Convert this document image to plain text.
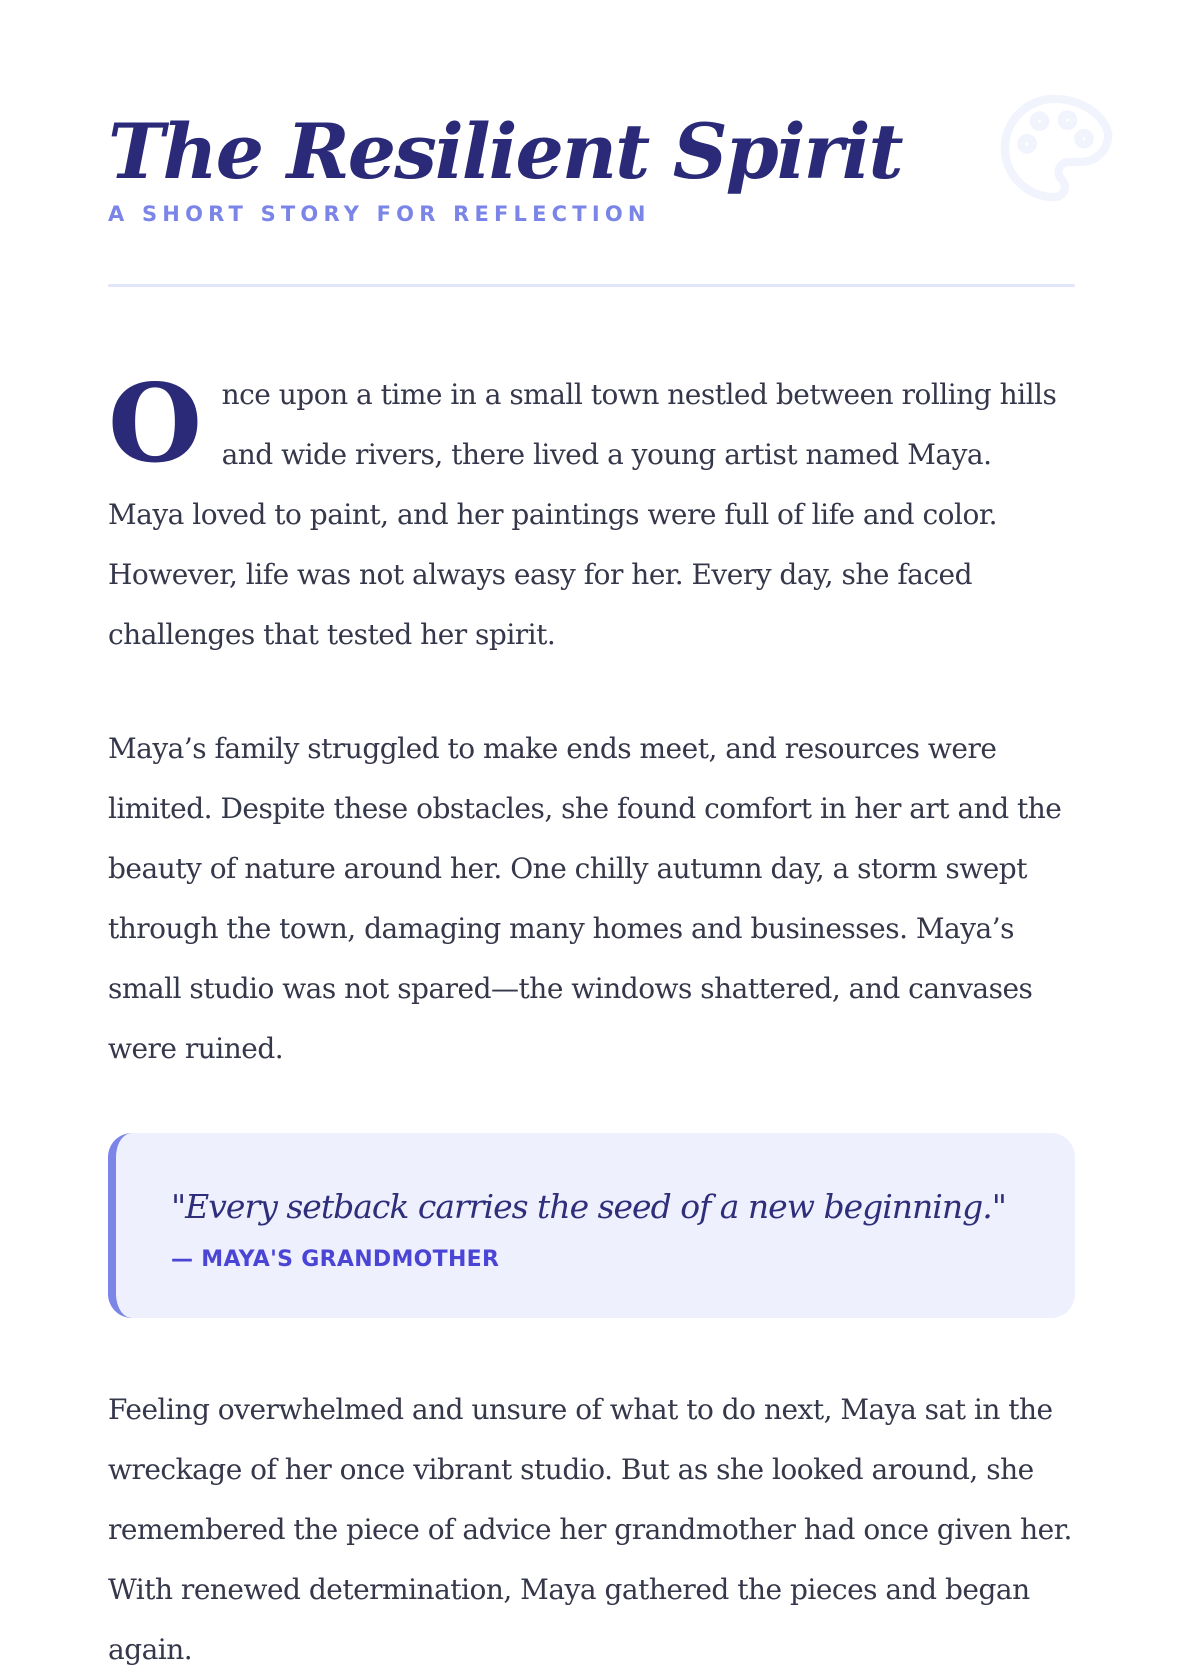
The Resilient Spirit
A SHORT STORY FOR REFLECTION

Once upon a time in a small town nestled between rolling hills and wide rivers, there lived a young artist named Maya. Maya loved to paint, and her paintings were full of life and color. However, life was not always easy for her. Every day, she faced challenges that tested her spirit.

Maya’s family struggled to make ends meet, and resources were limited. Despite these obstacles, she found comfort in her art and the beauty of nature around her. One chilly autumn day, a storm swept through the town, damaging many homes and businesses. Maya’s small studio was not spared—the windows shattered, and canvases were ruined.

"Every setback carries the seed of a new beginning."
— MAYA'S GRANDMOTHER

Feeling overwhelmed and unsure of what to do next, Maya sat in the wreckage of her once vibrant studio. But as she looked around, she remembered the piece of advice her grandmother had once given her. With renewed determination, Maya gathered the pieces and began again.
